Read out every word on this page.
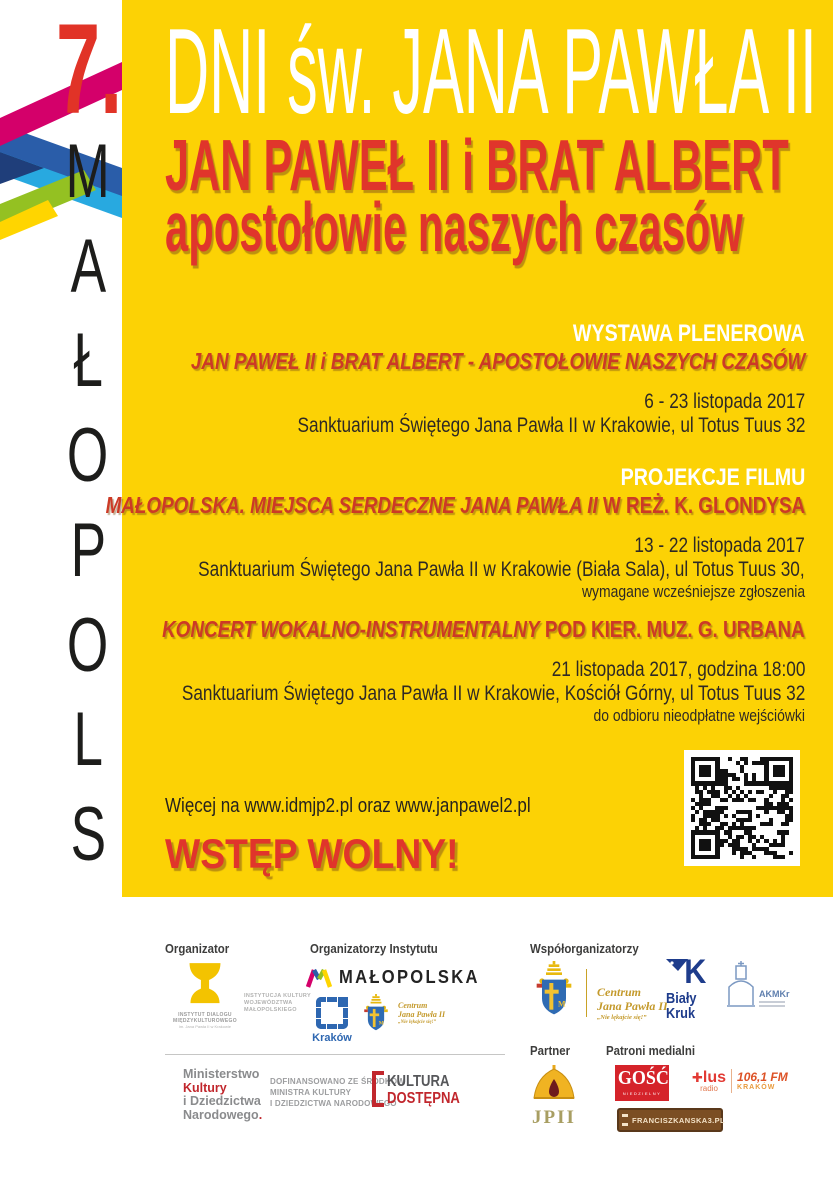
7.
M
A
Ł
O
P
O
L
S
DNI św. JANA PAWŁA II
JAN PAWEŁ II i BRAT ALBERT
apostołowie naszych czasów
WYSTAWA PLENEROWA
JAN PAWEŁ II i BRAT ALBERT - APOSTOŁOWIE NASZYCH CZASÓW
6 - 23 listopada 2017
Sanktuarium Świętego Jana Pawła II w Krakowie, ul Totus Tuus 32
PROJEKCJE FILMU
MAŁOPOLSKA. MIEJSCA SERDECZNE JANA PAWŁA II W REŻ. K. GLONDYSA
13 - 22 listopada 2017
Sanktuarium Świętego Jana Pawła II w Krakowie (Biała Sala), ul Totus Tuus 30,
wymagane wcześniejsze zgłoszenia
KONCERT WOKALNO-INSTRUMENTALNY POD KIER. MUZ. G. URBANA
21 listopada 2017, godzina 18:00
Sanktuarium Świętego Jana Pawła II w Krakowie, Kościół Górny, ul Totus Tuus 32
do odbioru nieodpłatne wejściówki
Więcej na www.idmjp2.pl oraz www.janpawel2.pl
WSTĘP WOLNY!
Organizator	Organizatorzy Instytutu	Współorganizatorzy
INSTYTUT DIALOGU
MIĘDZYKULTUROWEGO
im. Jana Pawła II w Krakowie
INSTYTUCJA KULTURY
WOJEWÓDZTWA
MAŁOPOLSKIEGO
MAŁOPOLSKA
Kraków
M
Centrum
Jana Pawła II
„Nie lękajcie się!”
M
Centrum
Jana Pawła II
„Nie lękajcie się!”
K
Biały
Kruk
AKMKr
Partner	Patroni medialni
Ministerstwo
Kultury
i Dziedzictwa
Narodowego.
DOFINANSOWANO ZE ŚRODKÓW
MINISTRA KULTURY
I DZIEDZICTWA NARODOWEGO
KULTURA
DOSTĘPNA
JPII
GOŚĆ
NIEDZIELNY
✚lus
radio
106,1 FM
KRAKÓW
FRANCISZKANSKA3.PL
